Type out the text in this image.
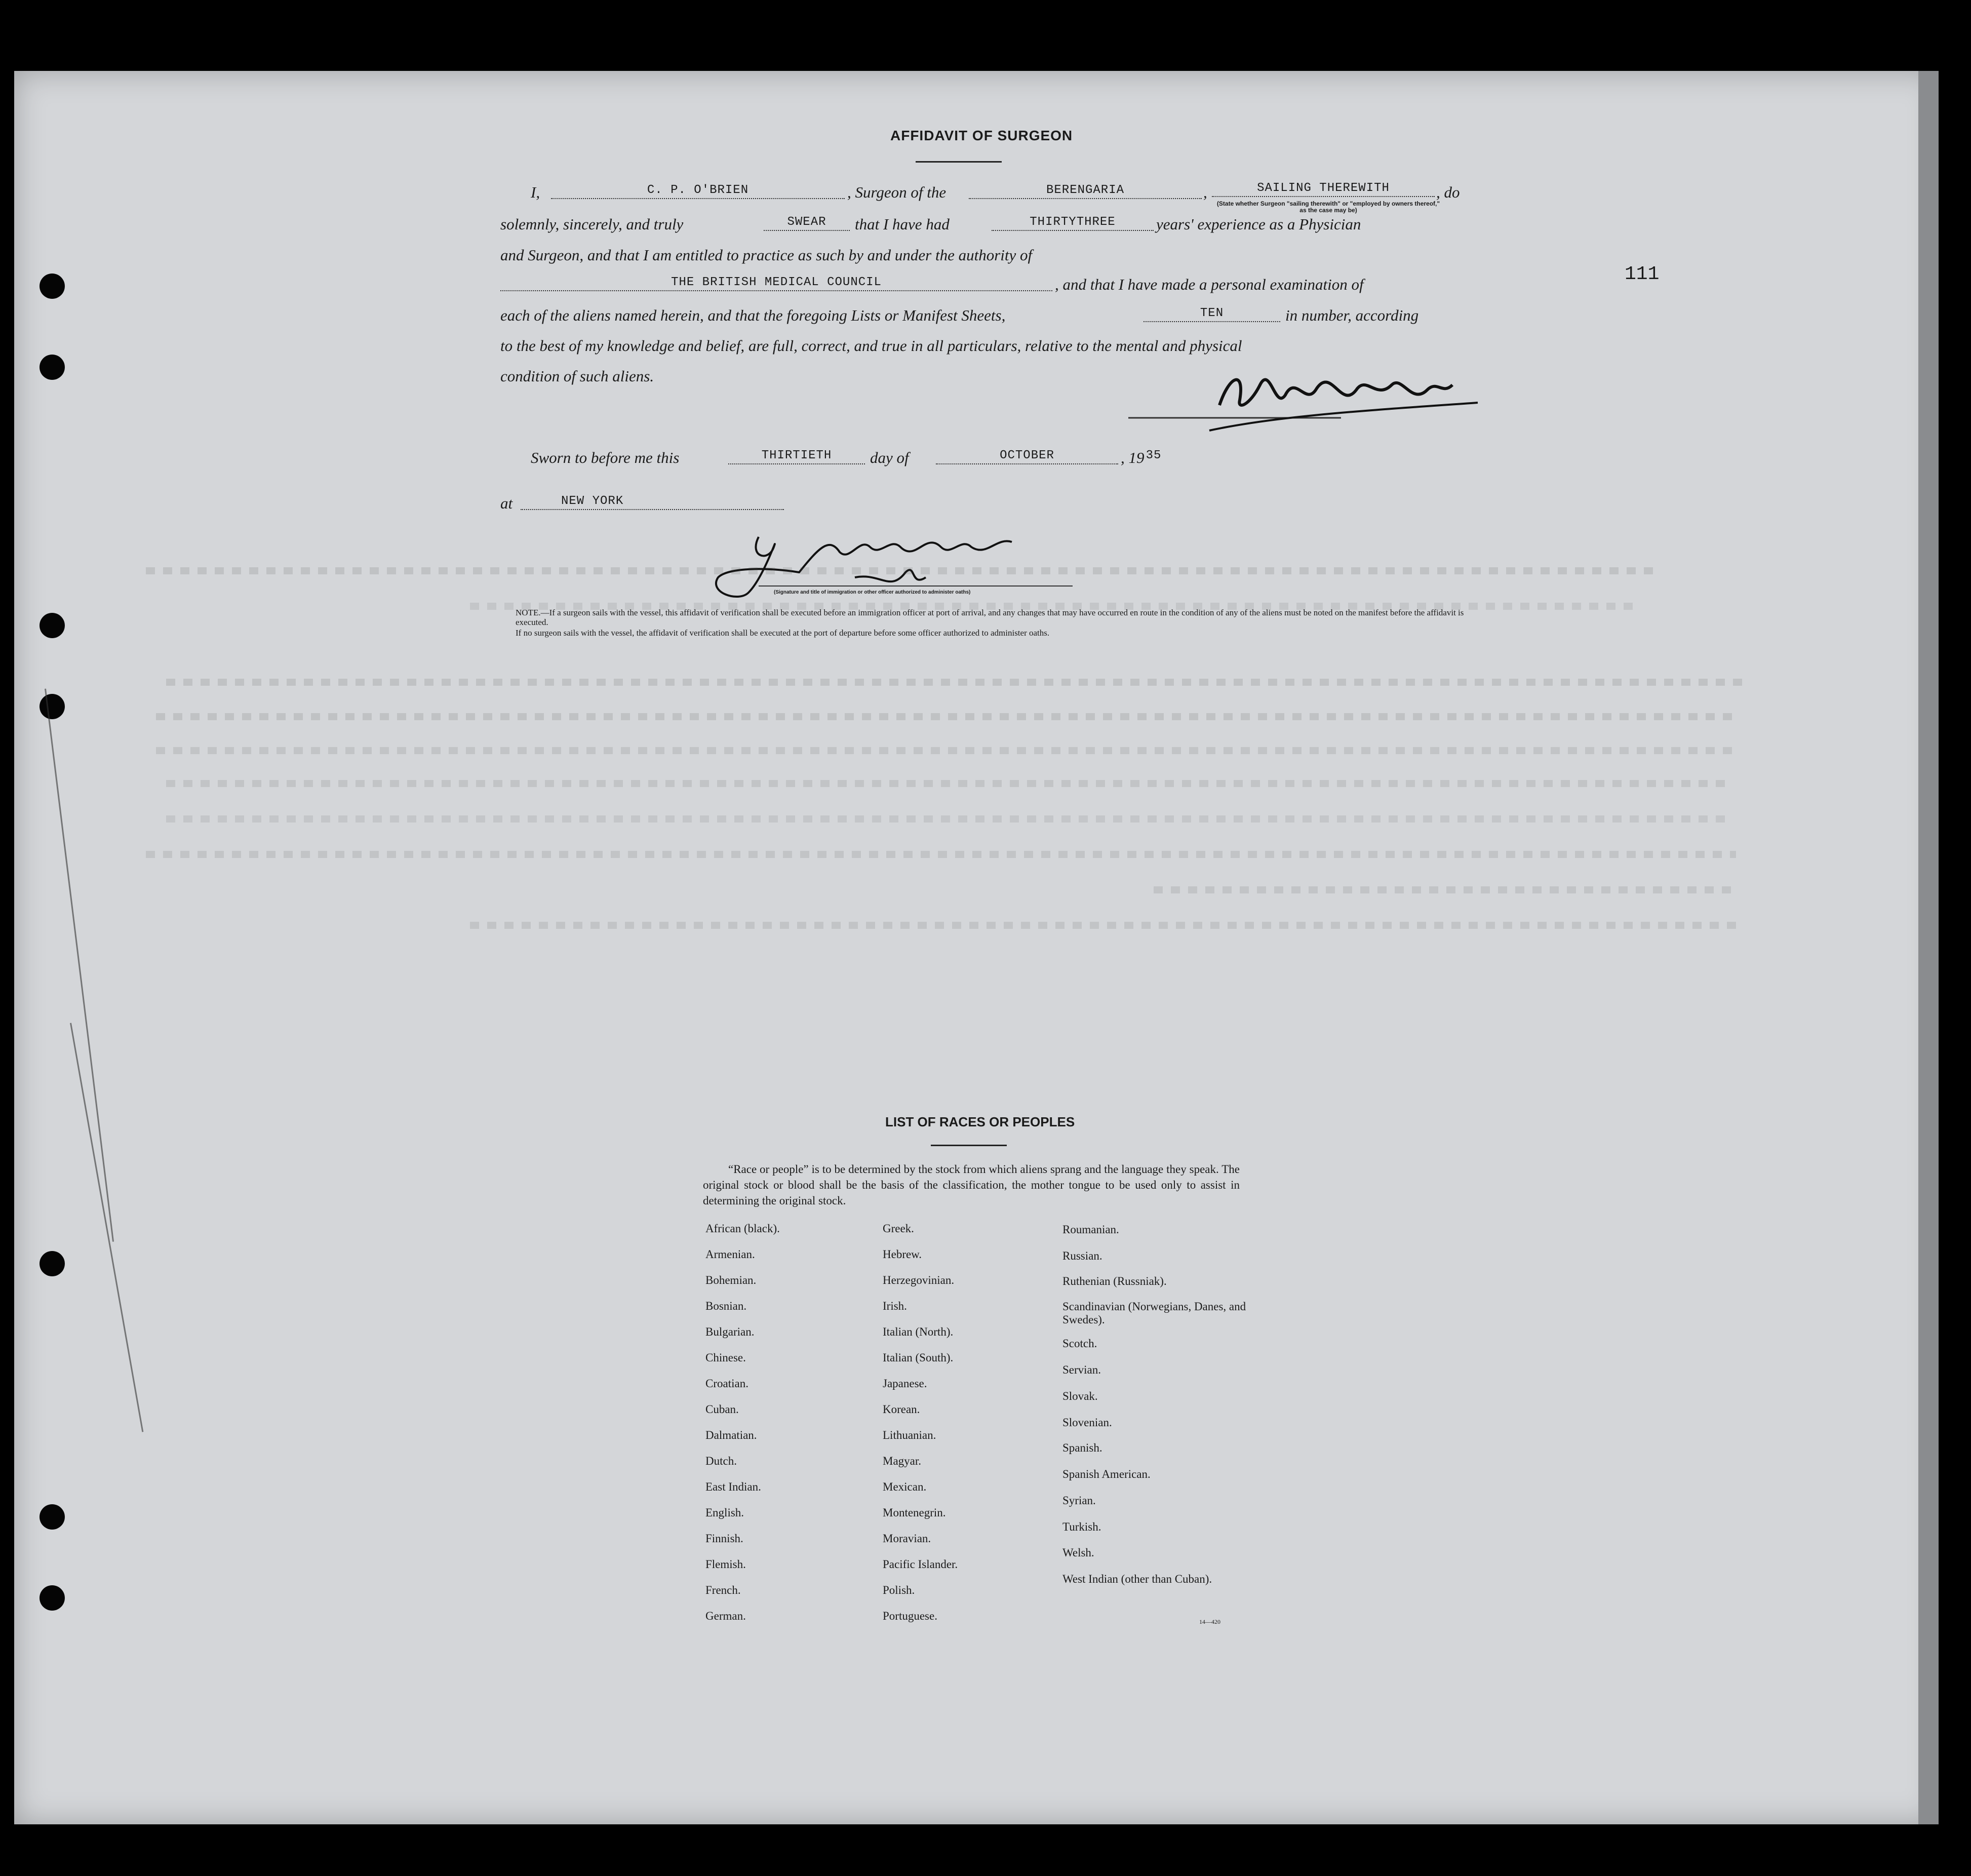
AFFIDAVIT OF SURGEON
I,	C. P. O'BRIEN	, Surgeon of the	BERENGARIA	,	SAILING THEREWITH	, do
(State whether Surgeon "sailing therewith" or "employed by owners thereof," as the case may be)
solemnly, sincerely, and truly	SWEAR	that I have had	THIRTYTHREE	years' experience as a Physician
and Surgeon, and that I am entitled to practice as such by and under the authority of
THE BRITISH MEDICAL COUNCIL	, and that I have made a personal examination of
each of the aliens named herein, and that the foregoing Lists or Manifest Sheets,	TEN	in number, according
to the best of my knowledge and belief, are full, correct, and true in all particulars, relative to the mental and physical
condition of such aliens.
Sworn to before me this	THIRTIETH	day of	OCTOBER	, 19 35
at	NEW YORK
(Signature and title of immigration or other officer authorized to administer oaths)
NOTE.—If a surgeon sails with the vessel, this affidavit of verification shall be executed before an immigration officer at port of arrival, and any changes that may have occurred en route in the condition of any of the aliens must be noted on the manifest before the affidavit is executed.
If no surgeon sails with the vessel, the affidavit of verification shall be executed at the port of departure before some officer authorized to administer oaths.
111
LIST OF RACES OR PEOPLES
“Race or people” is to be determined by the stock from which aliens sprang and the language they speak. The original stock or blood shall be the basis of the classification, the mother tongue to be used only to assist in determining the original stock.
14—420
African (black).
Armenian.
Bohemian.
Bosnian.
Bulgarian.
Chinese.
Croatian.
Cuban.
Dalmatian.
Dutch.
East Indian.
English.
Finnish.
Flemish.
French.
German.
Greek.
Hebrew.
Herzegovinian.
Irish.
Italian (North).
Italian (South).
Japanese.
Korean.
Lithuanian.
Magyar.
Mexican.
Montenegrin.
Moravian.
Pacific Islander.
Polish.
Portuguese.
Roumanian.
Russian.
Ruthenian (Russniak).
Scandinavian (Norwegians, Danes, and Swedes).
Scotch.
Servian.
Slovak.
Slovenian.
Spanish.
Spanish American.
Syrian.
Turkish.
Welsh.
West Indian (other than Cuban).
